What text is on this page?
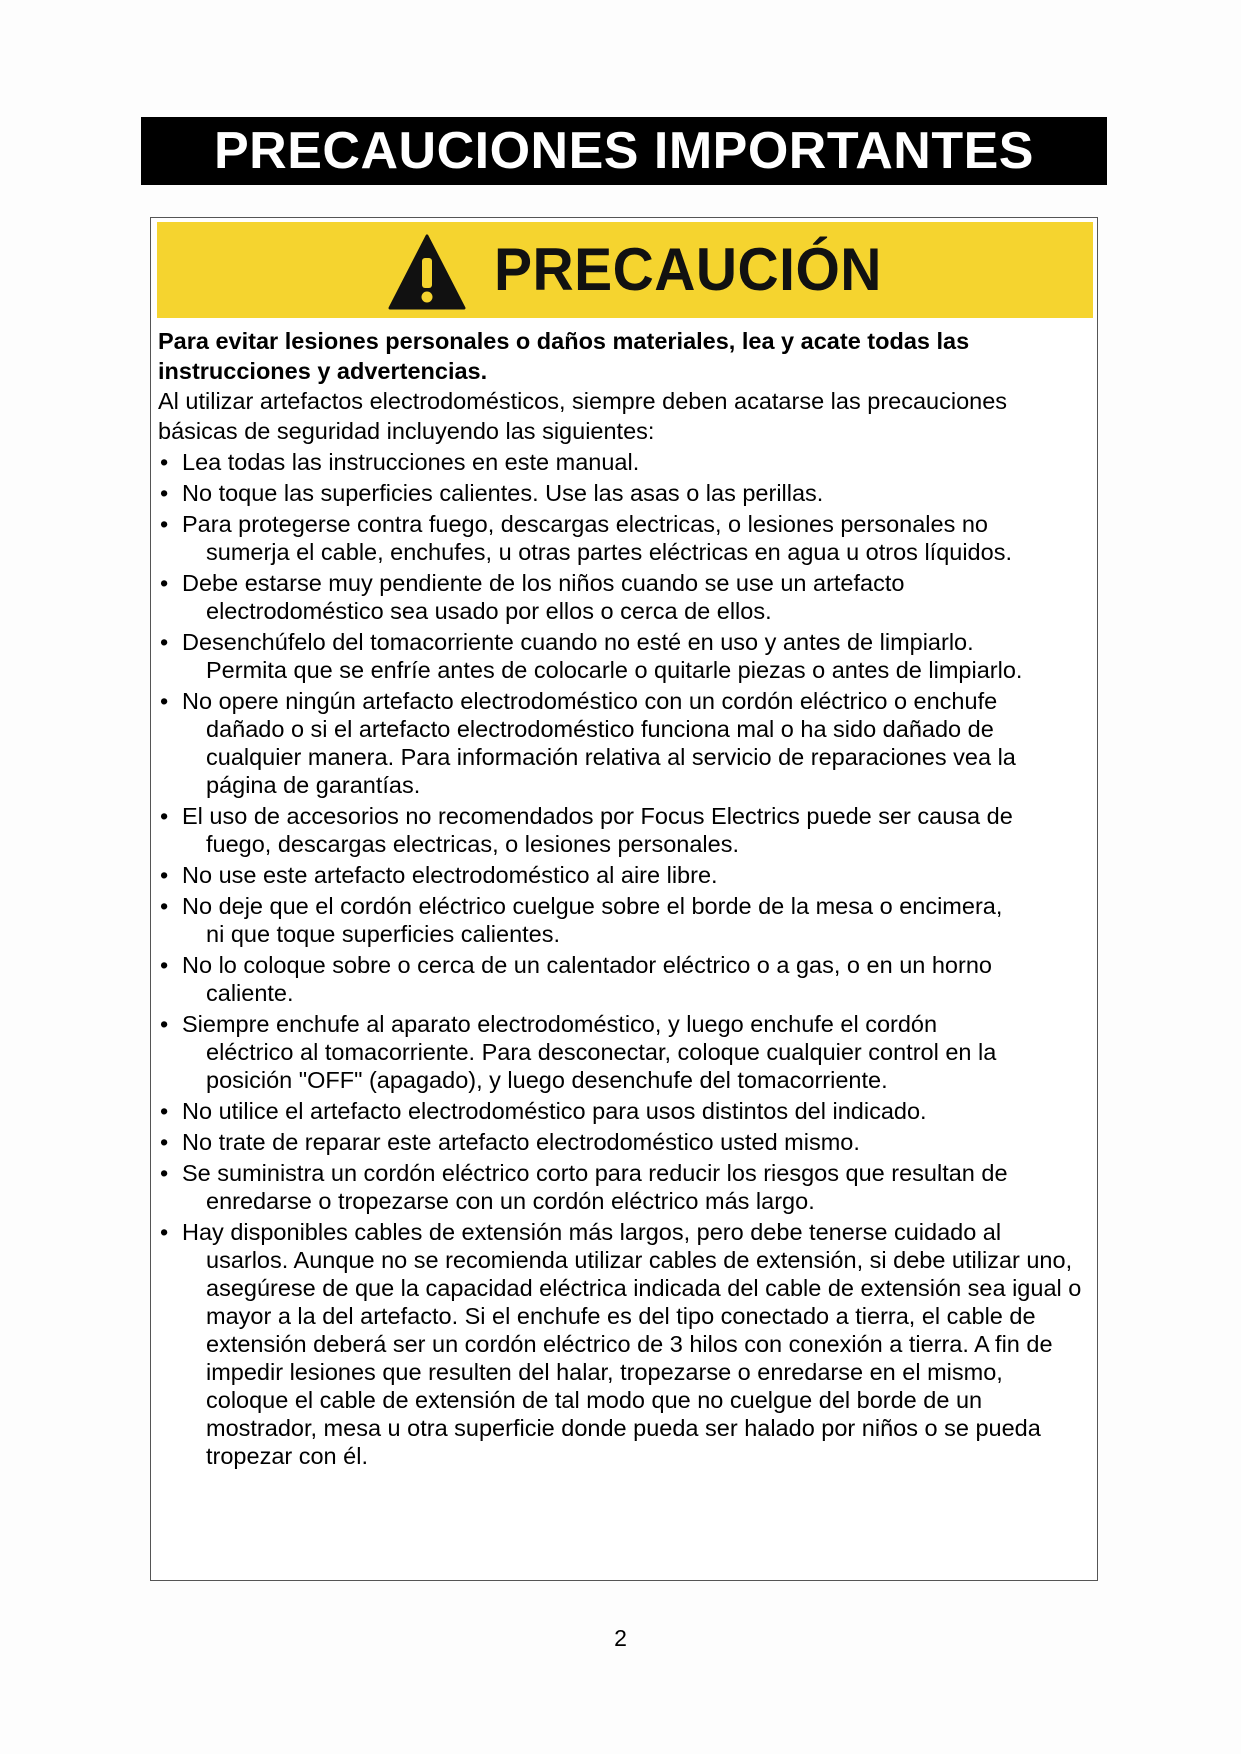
PRECAUCIONES IMPORTANTES
PRECAUCIÓN

Para evitar lesiones personales o daños materiales, lea y acate todas las instrucciones y advertencias.

Al utilizar artefactos electrodomésticos, siempre deben acatarse las precauciones básicas de seguridad incluyendo las siguientes:

• Lea todas las instrucciones en este manual.
• No toque las superficies calientes. Use las asas o las perillas.
• Para protegerse contra fuego, descargas electricas, o lesiones personales no
sumerja el cable, enchufes, u otras partes eléctricas en agua u otros líquidos.
• Debe estarse muy pendiente de los niños cuando se use un artefacto
electrodoméstico sea usado por ellos o cerca de ellos.
• Desenchúfelo del tomacorriente cuando no esté en uso y antes de limpiarlo.
Permita que se enfríe antes de colocarle o quitarle piezas o antes de limpiarlo.
• No opere ningún artefacto electrodoméstico con un cordón eléctrico o enchufe
dañado o si el artefacto electrodoméstico funciona mal o ha sido dañado de cualquier manera. Para información relativa al servicio de reparaciones vea la página de garantías.
• El uso de accesorios no recomendados por Focus Electrics puede ser causa de
fuego, descargas electricas, o lesiones personales.
• No use este artefacto electrodoméstico al aire libre.
• No deje que el cordón eléctrico cuelgue sobre el borde de la mesa o encimera,
ni que toque superficies calientes.
• No lo coloque sobre o cerca de un calentador eléctrico o a gas, o en un horno
caliente.
• Siempre enchufe al aparato electrodoméstico, y luego enchufe el cordón
eléctrico al tomacorriente. Para desconectar, coloque cualquier control en la posición "OFF" (apagado), y luego desenchufe del tomacorriente.
• No utilice el artefacto electrodoméstico para usos distintos del indicado.
• No trate de reparar este artefacto electrodoméstico usted mismo.
• Se suministra un cordón eléctrico corto para reducir los riesgos que resultan de
enredarse o tropezarse con un cordón eléctrico más largo.
• Hay disponibles cables de extensión más largos, pero debe tenerse cuidado al
usarlos. Aunque no se recomienda utilizar cables de extensión, si debe utilizar uno, asegúrese de que la capacidad eléctrica indicada del cable de extensión sea igual o mayor a la del artefacto. Si el enchufe es del tipo conectado a tierra, el cable de extensión deberá ser un cordón eléctrico de 3 hilos con conexión a tierra. A fin de impedir lesiones que resulten del halar, tropezarse o enredarse en el mismo, coloque el cable de extensión de tal modo que no cuelgue del borde de un mostrador, mesa u otra superficie donde pueda ser halado por niños o se pueda tropezar con él.
2
